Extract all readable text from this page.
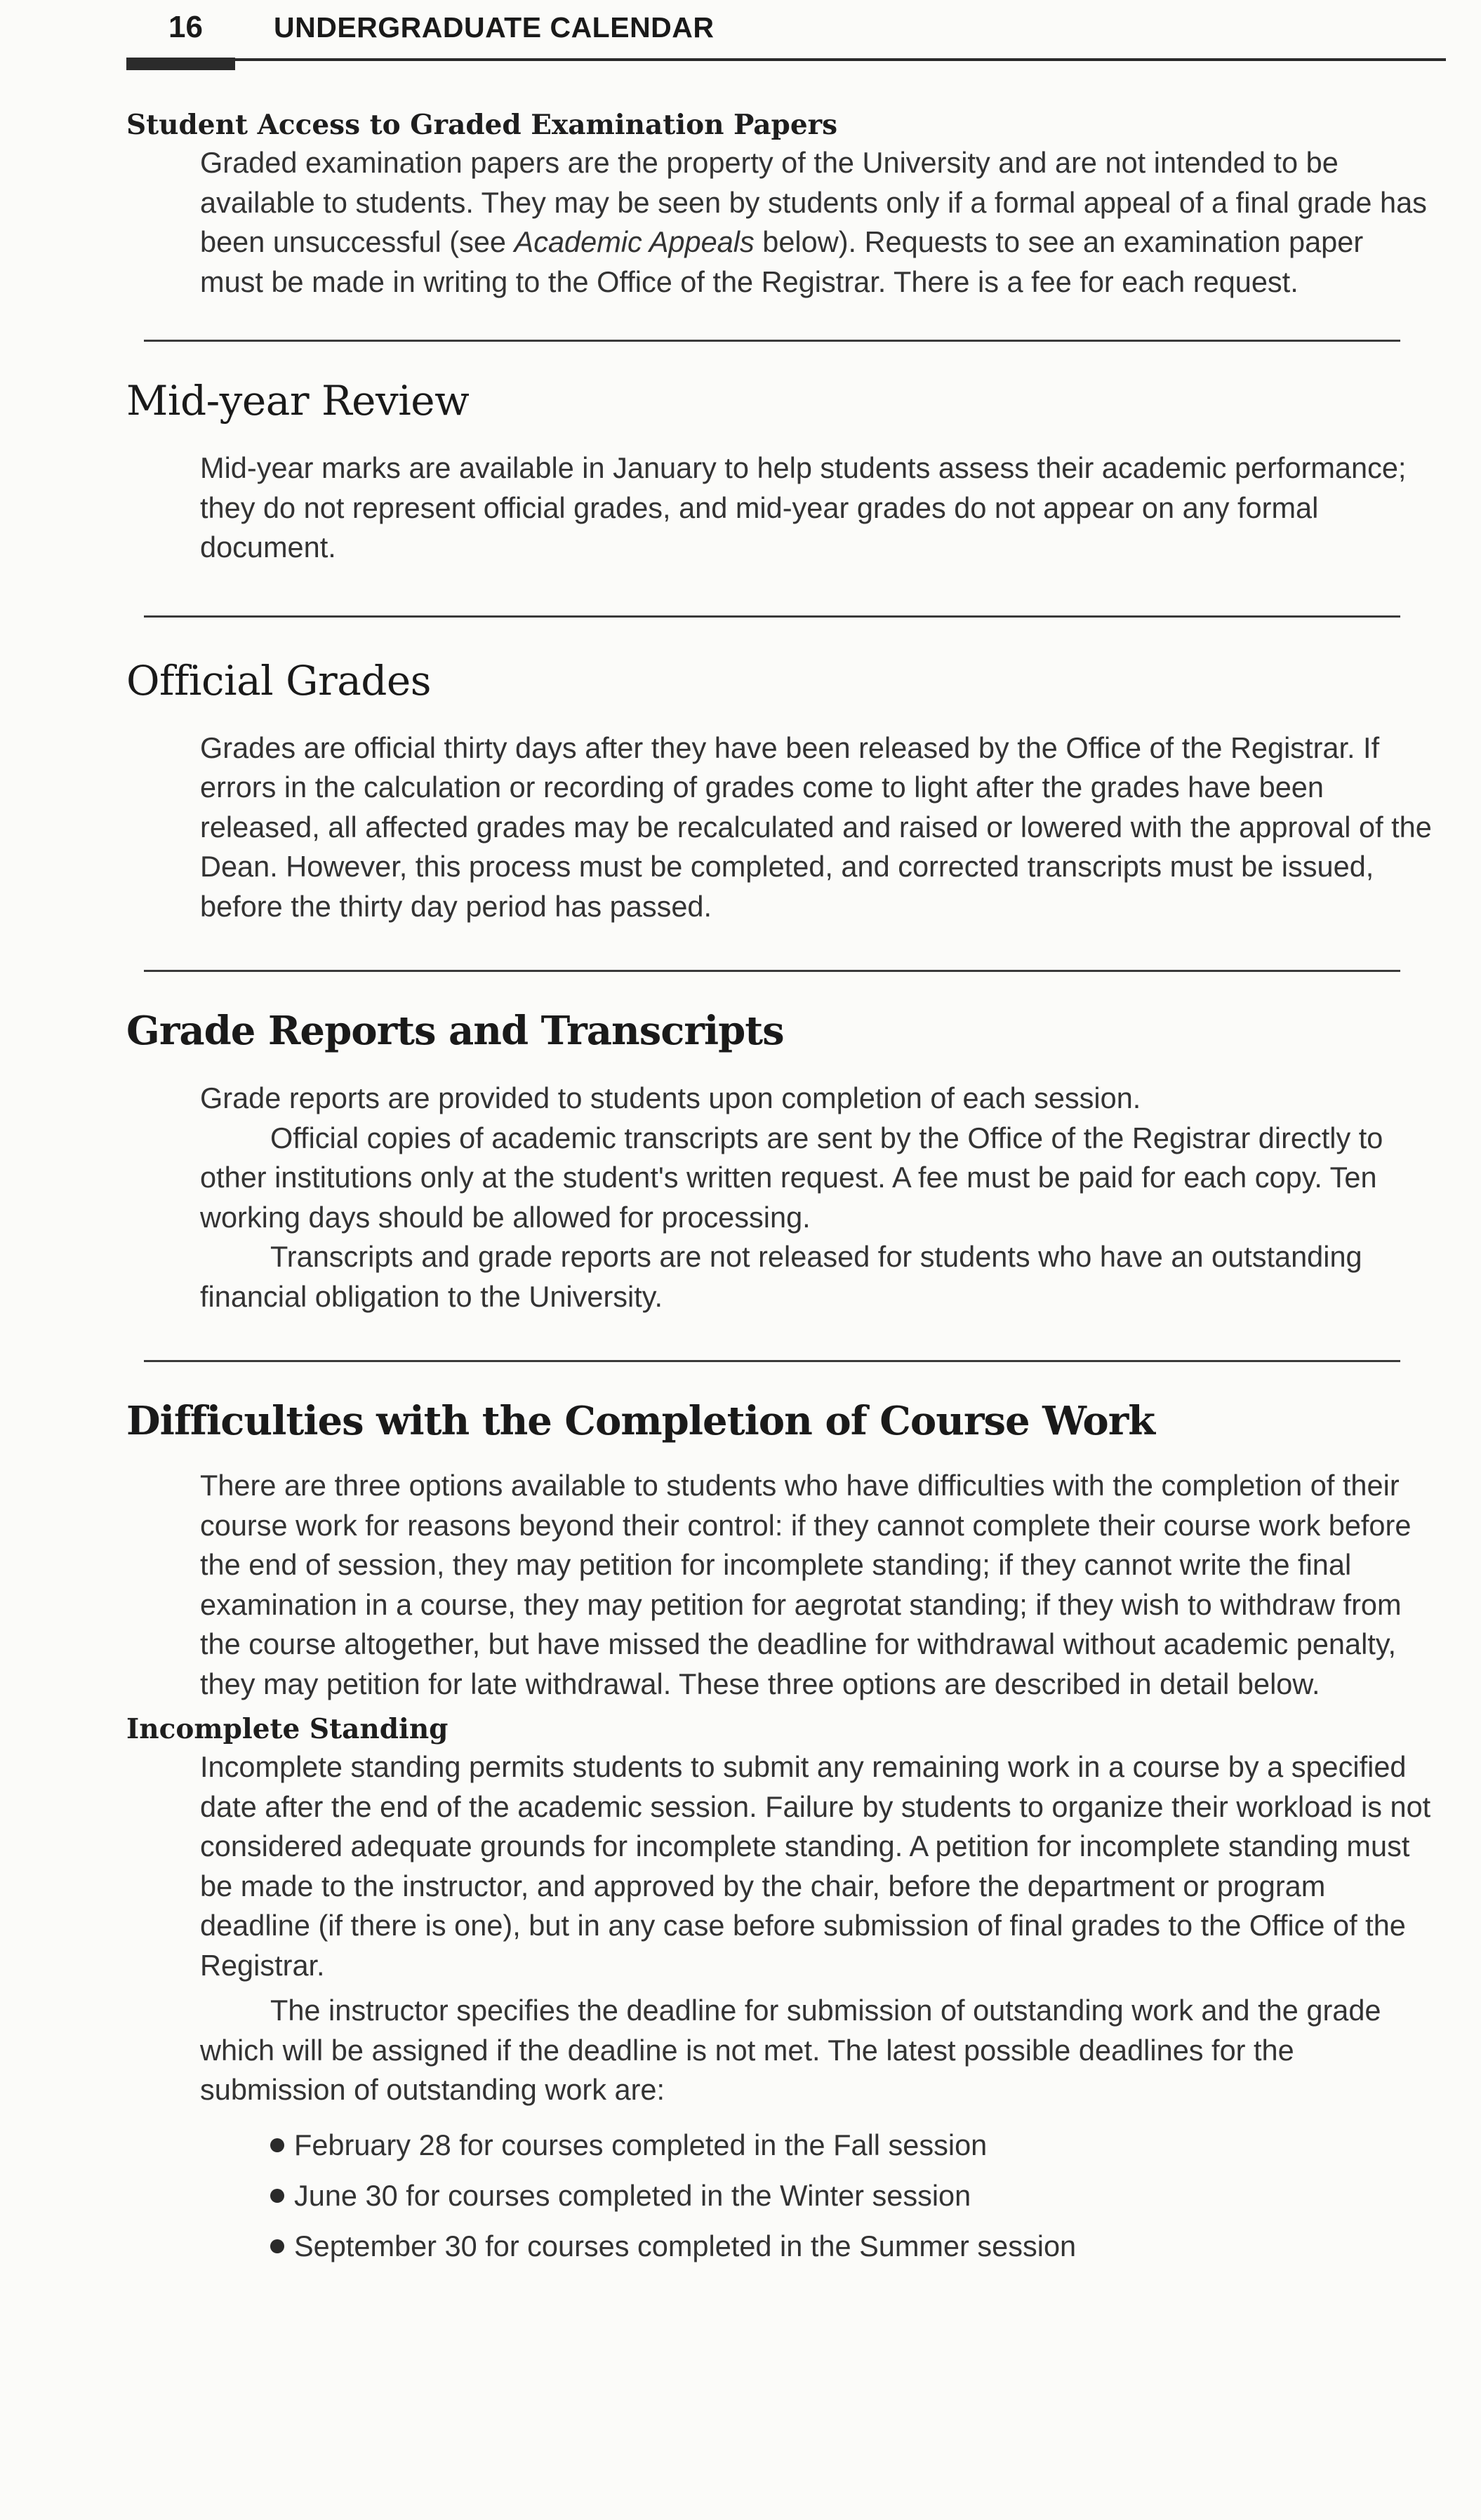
16 UNDERGRADUATE CALENDAR
Student Access to Graded Examination Papers

Graded examination papers are the property of the University and are not intended to be available to students. They may be seen by students only if a formal appeal of a final grade has been unsuccessful (see Academic Appeals below). Requests to see an examination paper must be made in writing to the Office of the Registrar. There is a fee for each request.

Mid-year Review

Mid-year marks are available in January to help students assess their academic performance; they do not represent official grades, and mid-year grades do not appear on any formal document.

Official Grades

Grades are official thirty days after they have been released by the Office of the Registrar. If errors in the calculation or recording of grades come to light after the grades have been released, all affected grades may be recalculated and raised or lowered with the approval of the Dean. However, this process must be completed, and corrected transcripts must be issued, before the thirty day period has passed.

Grade Reports and Transcripts

Grade reports are provided to students upon completion of each session.

Official copies of academic transcripts are sent by the Office of the Registrar directly to other institutions only at the student's written request. A fee must be paid for each copy. Ten working days should be allowed for processing.

Transcripts and grade reports are not released for students who have an outstanding financial obligation to the University.

Difficulties with the Completion of Course Work

There are three options available to students who have difficulties with the completion of their course work for reasons beyond their control: if they cannot complete their course work before the end of session, they may petition for incomplete standing; if they cannot write the final examination in a course, they may petition for aegrotat standing; if they wish to withdraw from the course altogether, but have missed the deadline for withdrawal without academic penalty, they may petition for late withdrawal. These three options are described in detail below.

Incomplete Standing

Incomplete standing permits students to submit any remaining work in a course by a specified date after the end of the academic session. Failure by students to organize their workload is not considered adequate grounds for incomplete standing. A petition for incomplete standing must be made to the instructor, and approved by the chair, before the department or program deadline (if there is one), but in any case before submission of final grades to the Office of the Registrar.

The instructor specifies the deadline for submission of outstanding work and the grade which will be assigned if the deadline is not met. The latest possible deadlines for the submission of outstanding work are:

February 28 for courses completed in the Fall session
June 30 for courses completed in the Winter session
September 30 for courses completed in the Summer session
